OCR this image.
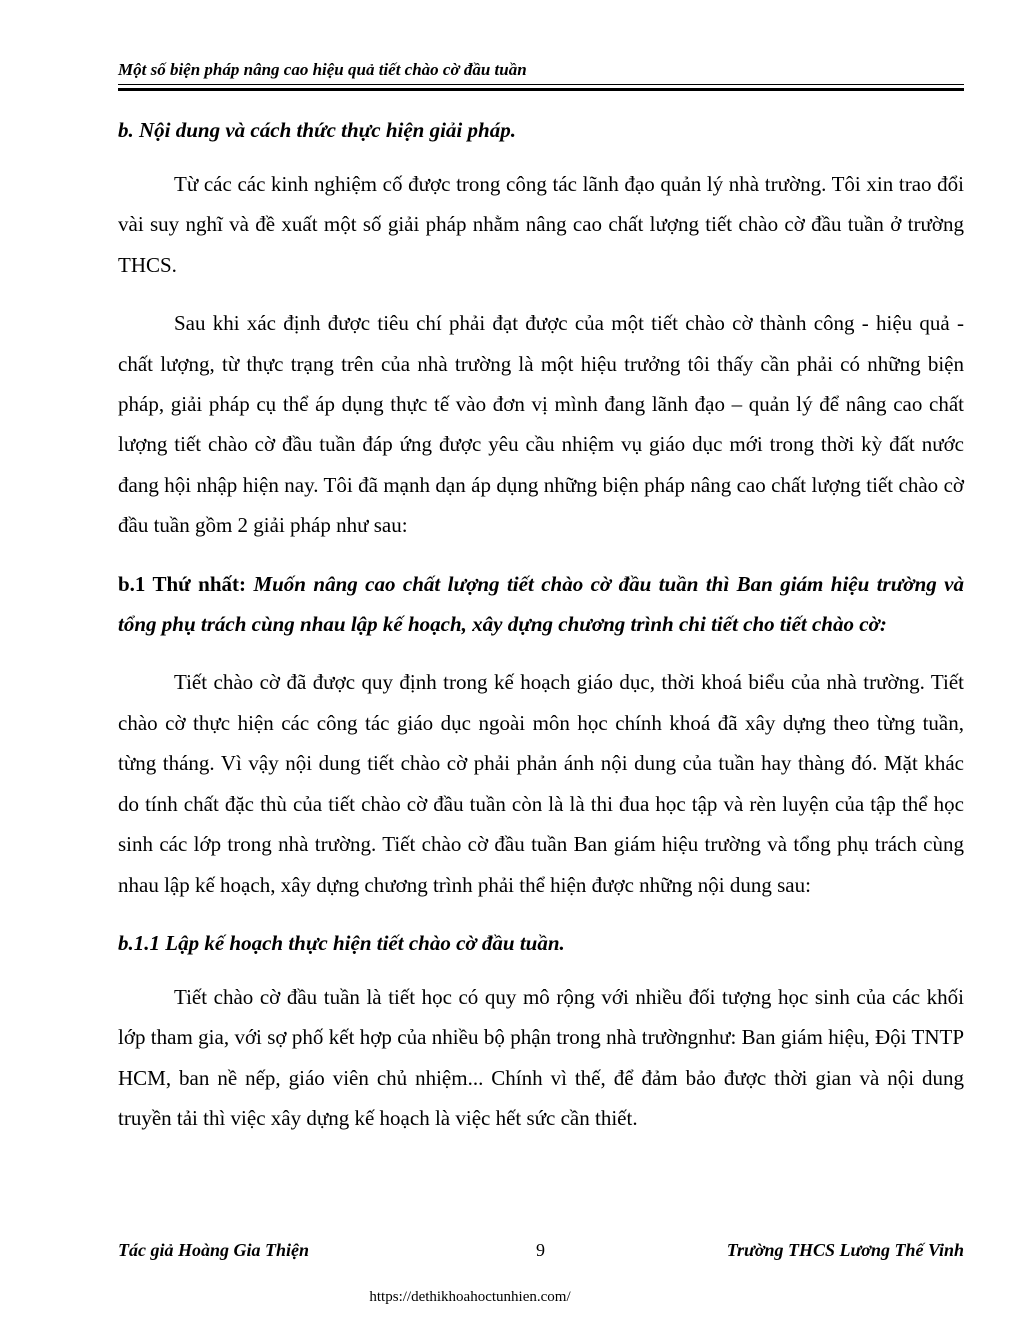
Một số biện pháp nâng cao hiệu quả tiết chào cờ đầu tuần

b. Nội dung và cách thức thực hiện giải pháp.

Từ các các kinh nghiệm cố được trong công tác lãnh đạo quản lý nhà trường. Tôi xin trao đổi vài suy nghĩ và đề xuất một số giải pháp nhằm nâng cao chất lượng tiết chào cờ đầu tuần ở trường THCS.

Sau khi xác định được tiêu chí phải đạt được của một tiết chào cờ thành công - hiệu quả - chất lượng, từ thực trạng trên của nhà trường là một hiệu trưởng tôi thấy cần phải có những biện pháp, giải pháp cụ thể áp dụng thực tế vào đơn vị mình đang lãnh đạo – quản lý để nâng cao chất lượng tiết chào cờ đầu tuần đáp ứng được yêu cầu nhiệm vụ giáo dục mới trong thời kỳ đất nước đang hội nhập hiện nay. Tôi đã mạnh dạn áp dụng những biện pháp nâng cao chất lượng tiết chào cờ đầu tuần gồm 2 giải pháp như sau:

b.1 Thứ nhất: Muốn nâng cao chất lượng tiết chào cờ đầu tuần thì Ban giám hiệu trường và tổng phụ trách cùng nhau lập kế hoạch, xây dựng chương trình chi tiết cho tiết chào cờ:

Tiết chào cờ đã được quy định trong kế hoạch giáo dục, thời khoá biểu của nhà trường. Tiết chào cờ thực hiện các công tác giáo dục ngoài môn học chính khoá đã xây dựng theo từng tuần, từng tháng. Vì vậy nội dung tiết chào cờ phải phản ánh nội dung của tuần hay thàng đó. Mặt khác do tính chất đặc thù của tiết chào cờ đầu tuần còn là là thi đua học tập và rèn luyện của tập thể học sinh các lớp trong nhà trường. Tiết chào cờ đầu tuần Ban giám hiệu trường và tổng phụ trách cùng nhau lập kế hoạch, xây dựng chương trình phải thể hiện được những nội dung sau:

b.1.1 Lập kế hoạch thực hiện tiết chào cờ đầu tuần.

Tiết chào cờ đầu tuần là tiết học có quy mô rộng với nhiều đối tượng học sinh của các khối lớp tham gia, với sợ phố kết hợp của nhiều bộ phận trong nhà trườngnhư: Ban giám hiệu, Đội TNTP HCM, ban nề nếp, giáo viên chủ nhiệm... Chính vì thế, để đảm bảo được thời gian và nội dung truyền tải thì việc xây dựng kế hoạch là việc hết sức cần thiết.

Tác giả Hoàng Gia Thiện	9	Trường THCS Lương Thế Vinh
https://dethikhoahoctunhien.com/
